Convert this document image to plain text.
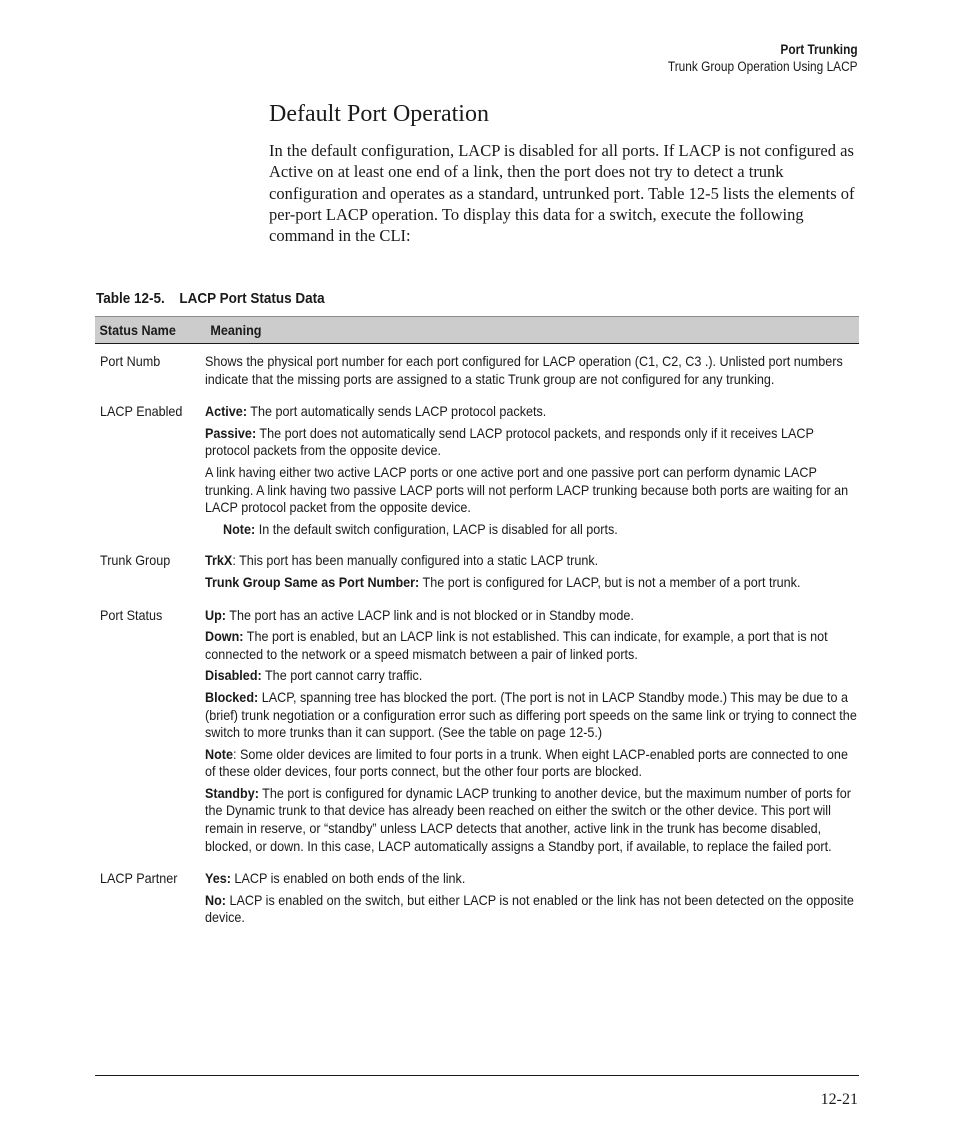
Port Trunking
Trunk Group Operation Using LACP
Default Port Operation

In the default configuration, LACP is disabled for all ports. If LACP is not configured as Active on at least one end of a link, then the port does not try to detect a trunk configuration and operates as a standard, untrunked port. Table 12-5 lists the elements of per-port LACP operation. To display this data for a switch, execute the following command in the CLI:

Table 12-5. LACP Port Status Data
Status Name	Meaning
Port Numb	Shows the physical port number for each port configured for LACP operation (C1, C2, C3 .). Unlisted port numbers indicate that the missing ports are assigned to a static Trunk group are not configured for any trunking.

LACP Enabled	Active: The port automatically sends LACP protocol packets.

Passive: The port does not automatically send LACP protocol packets, and responds only if it receives LACP protocol packets from the opposite device.

A link having either two active LACP ports or one active port and one passive port can perform dynamic LACP trunking. A link having two passive LACP ports will not perform LACP trunking because both ports are waiting for an LACP protocol packet from the opposite device.

Note: In the default switch configuration, LACP is disabled for all ports.

Trunk Group	TrkX: This port has been manually configured into a static LACP trunk.

Trunk Group Same as Port Number: The port is configured for LACP, but is not a member of a port trunk.

Port Status	Up: The port has an active LACP link and is not blocked or in Standby mode.

Down: The port is enabled, but an LACP link is not established. This can indicate, for example, a port that is not connected to the network or a speed mismatch between a pair of linked ports.

Disabled: The port cannot carry traffic.

Blocked: LACP, spanning tree has blocked the port. (The port is not in LACP Standby mode.) This may be due to a (brief) trunk negotiation or a configuration error such as differing port speeds on the same link or trying to connect the switch to more trunks than it can support. (See the table on page 12-5.)

Note: Some older devices are limited to four ports in a trunk. When eight LACP-enabled ports are connected to one of these older devices, four ports connect, but the other four ports are blocked.

Standby: The port is configured for dynamic LACP trunking to another device, but the maximum number of ports for the Dynamic trunk to that device has already been reached on either the switch or the other device. This port will remain in reserve, or “standby” unless LACP detects that another, active link in the trunk has become disabled, blocked, or down. In this case, LACP automatically assigns a Standby port, if available, to replace the failed port.

LACP Partner	Yes: LACP is enabled on both ends of the link.

No: LACP is enabled on the switch, but either LACP is not enabled or the link has not been detected on the opposite device.

12-21
